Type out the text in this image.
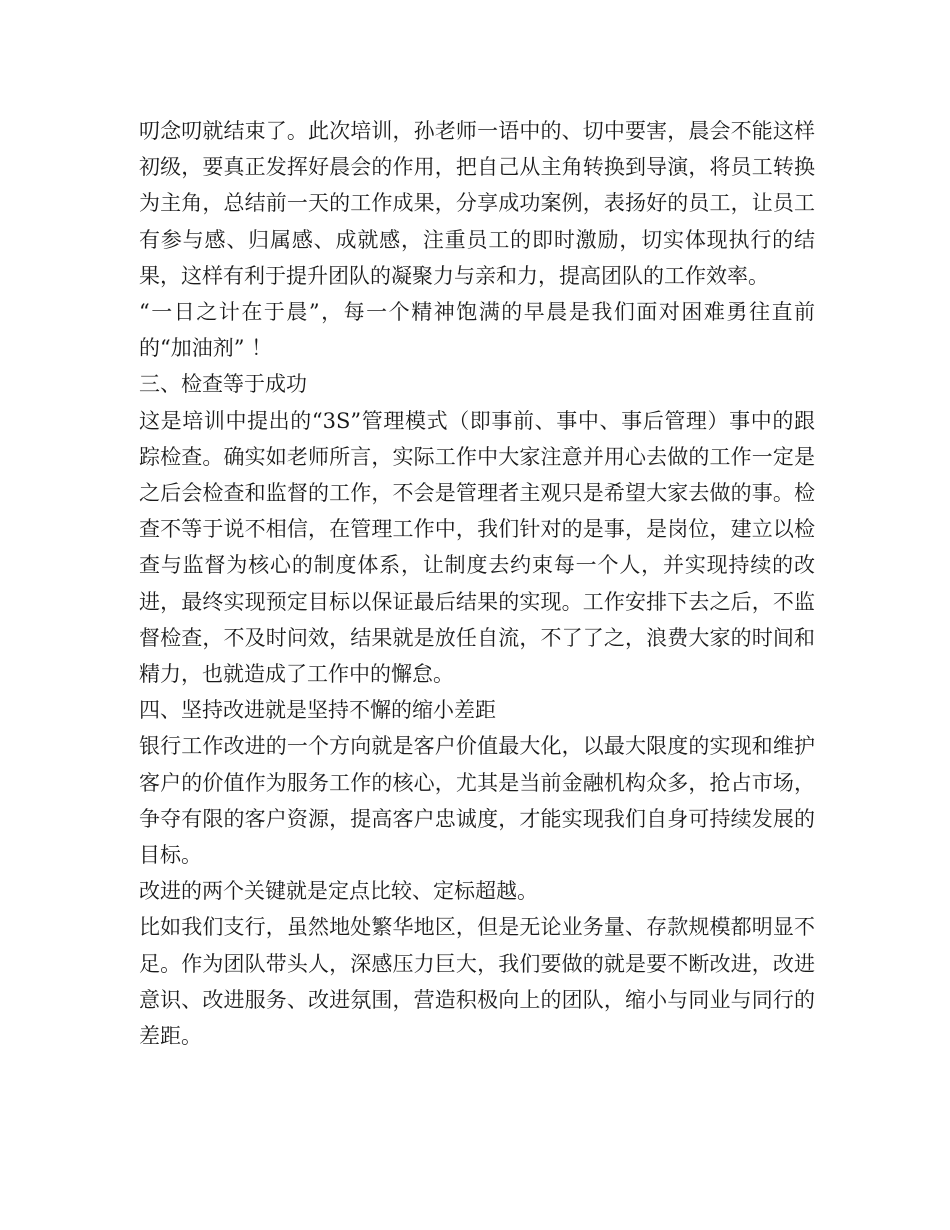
叨念叨就结束了。此次培训，孙老师一语中的、切中要害，晨会不能这样初级，要真正发挥好晨会的作用，把自己从主角转换到导演，将员工转换为主角，总结前一天的工作成果，分享成功案例，表扬好的员工，让员工有参与感、归属感、成就感，注重员工的即时激励，切实体现执行的结果，这样有利于提升团队的凝聚力与亲和力，提高团队的工作效率。

“一日之计在于晨”，每一个精神饱满的早晨是我们面对困难勇往直前的“加油剂” ！

三、检查等于成功

这是培训中提出的“3S”管理模式（即事前、事中、事后管理）事中的跟踪检查。确实如老师所言，实际工作中大家注意并用心去做的工作一定是之后会检查和监督的工作，不会是管理者主观只是希望大家去做的事。检查不等于说不相信，在管理工作中，我们针对的是事，是岗位，建立以检查与监督为核心的制度体系，让制度去约束每一个人，并实现持续的改进，最终实现预定目标以保证最后结果的实现。工作安排下去之后，不监督检查，不及时问效，结果就是放任自流，不了了之，浪费大家的时间和精力，也就造成了工作中的懈怠。

四、坚持改进就是坚持不懈的缩小差距

银行工作改进的一个方向就是客户价值最大化，以最大限度的实现和维护客户的价值作为服务工作的核心，尤其是当前金融机构众多，抢占市场，争夺有限的客户资源，提高客户忠诚度，才能实现我们自身可持续发展的目标。

改进的两个关键就是定点比较、定标超越。

比如我们支行，虽然地处繁华地区，但是无论业务量、存款规模都明显不足。作为团队带头人，深感压力巨大，我们要做的就是要不断改进，改进意识、改进服务、改进氛围，营造积极向上的团队，缩小与同业与同行的差距。
